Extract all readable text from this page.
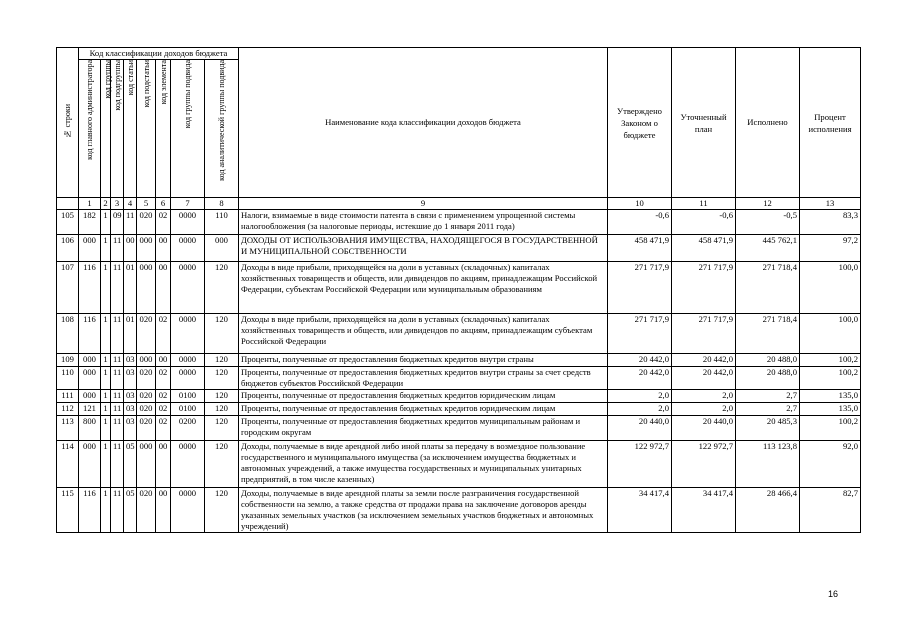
№ строки	Код классификации доходов бюджета								Наименование кода классификации доходов бюджета	Утверждено Законом о бюджете	Уточненный план	Исполнено	Процент исполнения
	код главного администратора	код группы	код подгруппы	код статьи	код подстатьи	код элемента	код группы подвида	код аналитической группы подвида					
	1	2	3	4	5	6	7	8	9	10	11	12	13
105	182	1	09	11	020	02	0000	110	Налоги, взимаемые в виде стоимости патента в связи с применением упрощенной системы налогообложения (за налоговые периоды, истекшие до 1 января 2011 года)	-0,6	-0,6	-0,5	83,3
106	000	1	11	00	000	00	0000	000	ДОХОДЫ ОТ ИСПОЛЬЗОВАНИЯ ИМУЩЕСТВА, НАХОДЯЩЕГОСЯ В ГОСУДАРСТВЕННОЙ И МУНИЦИПАЛЬНОЙ СОБСТВЕННОСТИ	458 471,9	458 471,9	445 762,1	97,2
107	116	1	11	01	000	00	0000	120	Доходы в виде прибыли, приходящейся на доли в уставных (складочных) капиталах хозяйственных товариществ и обществ, или дивидендов по акциям, принадлежащим Российской Федерации, субъектам Российской Федерации или муниципальным образованиям	271 717,9	271 717,9	271 718,4	100,0
108	116	1	11	01	020	02	0000	120	Доходы в виде прибыли, приходящейся на доли в уставных (складочных) капиталах хозяйственных товариществ и обществ, или дивидендов по акциям, принадлежащим субъектам Российской Федерации	271 717,9	271 717,9	271 718,4	100,0
109	000	1	11	03	000	00	0000	120	Проценты, полученные от предоставления бюджетных кредитов внутри страны	20 442,0	20 442,0	20 488,0	100,2
110	000	1	11	03	020	02	0000	120	Проценты, полученные от предоставления бюджетных кредитов внутри страны за счет средств бюджетов субъектов Российской Федерации	20 442,0	20 442,0	20 488,0	100,2
111	000	1	11	03	020	02	0100	120	Проценты, полученные от предоставления бюджетных кредитов юридическим лицам	2,0	2,0	2,7	135,0
112	121	1	11	03	020	02	0100	120	Проценты, полученные от предоставления бюджетных кредитов юридическим лицам	2,0	2,0	2,7	135,0
113	800	1	11	03	020	02	0200	120	Проценты, полученные от предоставления бюджетных кредитов муниципальным районам и городским округам	20 440,0	20 440,0	20 485,3	100,2
114	000	1	11	05	000	00	0000	120	Доходы, получаемые в виде арендной либо иной платы за передачу в возмездное пользование государственного и муниципального имущества (за исключением имущества бюджетных и автономных учреждений, а также имущества государственных и муниципальных унитарных предприятий, в том числе казенных)	122 972,7	122 972,7	113 123,8	92,0
115	116	1	11	05	020	00	0000	120	Доходы, получаемые в виде арендной платы за земли после разграничения государственной собственности на землю, а также средства от продажи права на заключение договоров аренды указанных земельных участков (за исключением земельных участков бюджетных и автономных учреждений)	34 417,4	34 417,4	28 466,4	82,7
16
